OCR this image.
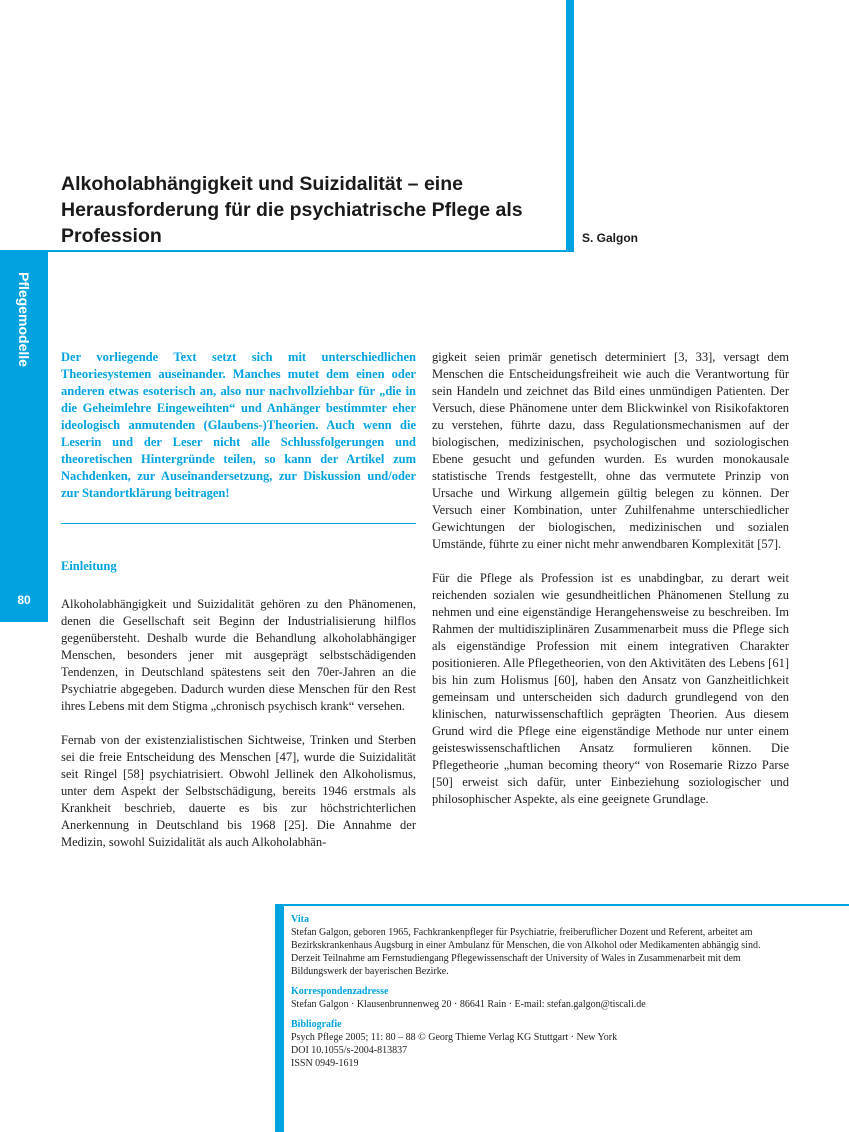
Pflegemodelle
80
Alkoholabhängigkeit und Suizidalität – eine Herausforderung für die psychiatrische Pflege als Profession	S. Galgon

Der vorliegende Text setzt sich mit unterschiedlichen Theoriesystemen auseinander. Manches mutet dem einen oder anderen etwas esoterisch an, also nur nachvollziehbar für „die in die Geheimlehre Eingeweihten“ und Anhänger bestimmter eher ideologisch anmutenden (Glaubens-)Theorien. Auch wenn die Leserin und der Leser nicht alle Schlussfolgerungen und theoretischen Hintergründe teilen, so kann der Artikel zum Nachdenken, zur Auseinandersetzung, zur Diskussion und/oder zur Standortklärung beitragen!

Einleitung

Alkoholabhängigkeit und Suizidalität gehören zu den Phänomenen, denen die Gesellschaft seit Beginn der Industrialisierung hilflos gegenübersteht. Deshalb wurde die Behandlung alkoholabhängiger Menschen, besonders jener mit ausgeprägt selbstschädigenden Tendenzen, in Deutschland spätestens seit den 70er-Jahren an die Psychiatrie abgegeben. Dadurch wurden diese Menschen für den Rest ihres Lebens mit dem Stigma „chronisch psychisch krank“ versehen.

Fernab von der existenzialistischen Sichtweise, Trinken und Sterben sei die freie Entscheidung des Menschen [47], wurde die Suizidalität seit Ringel [58] psychiatrisiert. Obwohl Jellinek den Alkoholismus, unter dem Aspekt der Selbstschädigung, bereits 1946 erstmals als Krankheit beschrieb, dauerte es bis zur höchstrichterlichen Anerkennung in Deutschland bis 1968 [25]. Die Annahme der Medizin, sowohl Suizidalität als auch Alkoholabhän-

gigkeit seien primär genetisch determiniert [3, 33], versagt dem Menschen die Entscheidungsfreiheit wie auch die Verantwortung für sein Handeln und zeichnet das Bild eines unmündigen Patienten. Der Versuch, diese Phänomene unter dem Blickwinkel von Risikofaktoren zu verstehen, führte dazu, dass Regulationsmechanismen auf der biologischen, medizinischen, psychologischen und soziologischen Ebene gesucht und gefunden wurden. Es wurden monokausale statistische Trends festgestellt, ohne das vermutete Prinzip von Ursache und Wirkung allgemein gültig belegen zu können. Der Versuch einer Kombination, unter Zuhilfenahme unterschiedlicher Gewichtungen der biologischen, medizinischen und sozialen Umstände, führte zu einer nicht mehr anwendbaren Komplexität [57].

Für die Pflege als Profession ist es unabdingbar, zu derart weit reichenden sozialen wie gesundheitlichen Phänomenen Stellung zu nehmen und eine eigenständige Herangehensweise zu beschreiben. Im Rahmen der multidisziplinären Zusammenarbeit muss die Pflege sich als eigenständige Profession mit einem integrativen Charakter positionieren. Alle Pflegetheorien, von den Aktivitäten des Lebens [61] bis hin zum Holismus [60], haben den Ansatz von Ganzheitlichkeit gemeinsam und unterscheiden sich dadurch grundlegend von den klinischen, naturwissenschaftlich geprägten Theorien. Aus diesem Grund wird die Pflege eine eigenständige Methode nur unter einem geisteswissenschaftlichen Ansatz formulieren können. Die Pflegetheorie „human becoming theory“ von Rosemarie Rizzo Parse [50] erweist sich dafür, unter Einbeziehung soziologischer und philosophischer Aspekte, als eine geeignete Grundlage.

Vita
Stefan Galgon, geboren 1965, Fachkrankenpfleger für Psychiatrie, freiberuflicher Dozent und Referent, arbeitet am Bezirkskrankenhaus Augsburg in einer Ambulanz für Menschen, die von Alkohol oder Medikamenten abhängig sind. Derzeit Teilnahme am Fernstudiengang Pflegewissenschaft der University of Wales in Zusammenarbeit mit dem Bildungswerk der bayerischen Bezirke.
Korrespondenzadresse
Stefan Galgon · Klausenbrunnenweg 20 · 86641 Rain · E-mail: stefan.galgon@tiscali.de
Bibliografie
Psych Pflege 2005; 11: 80 – 88 © Georg Thieme Verlag KG Stuttgart · New York
DOI 10.1055/s-2004-813837
ISSN 0949-1619
